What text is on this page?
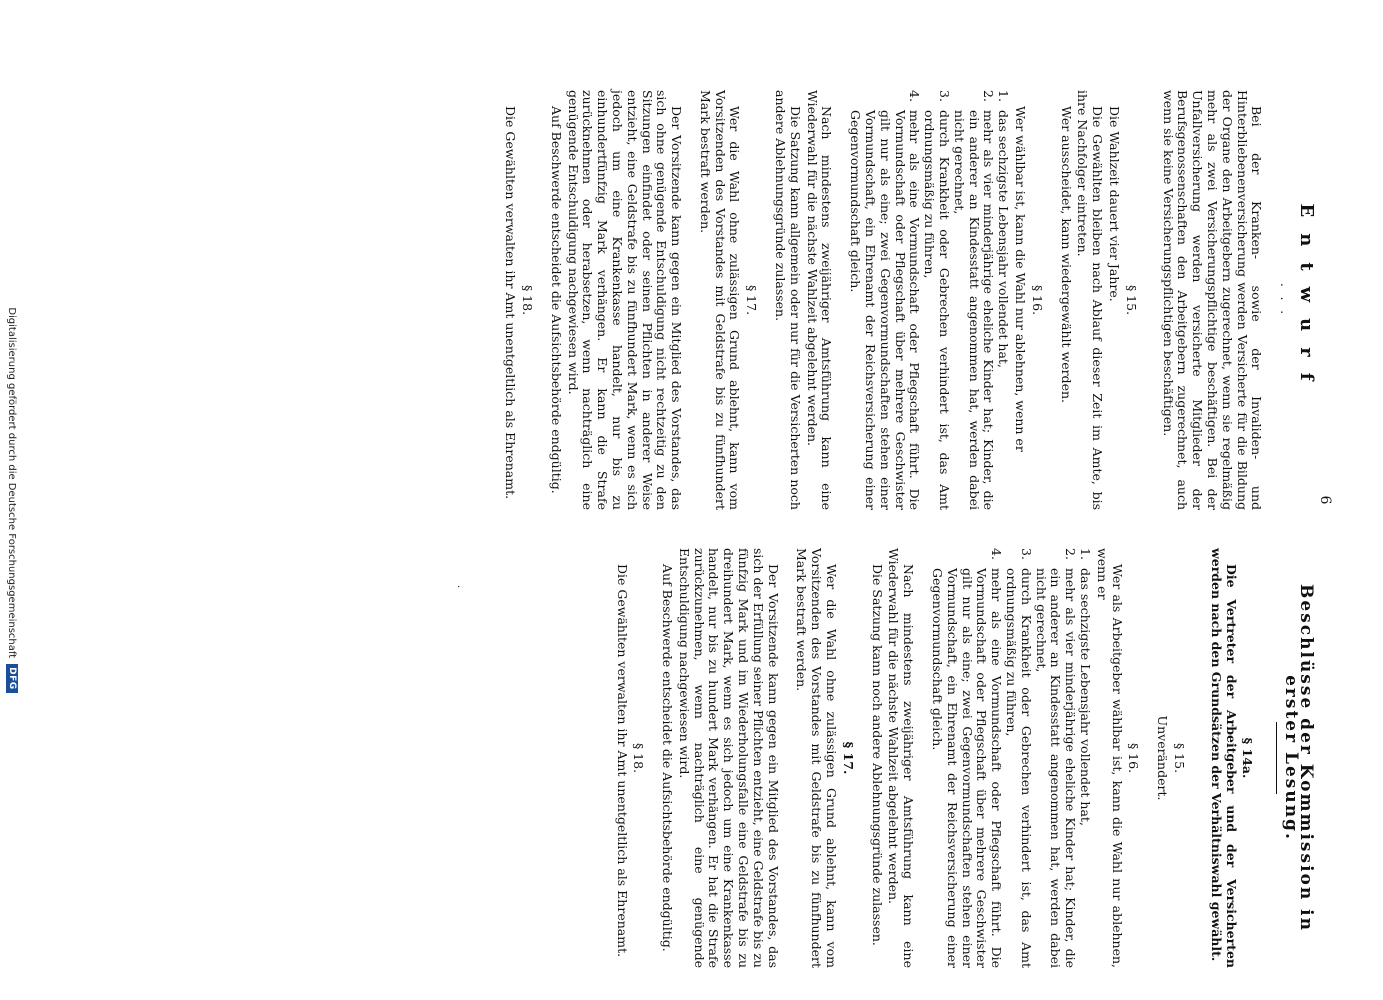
6
Entwurf
. . .

Bei der Kranken- sowie der Invaliden- und Hinterbliebenenversicherung werden Versicherte für die Bildung der Organe den Arbeitgebern zugerechnet, wenn sie regelmäßig mehr als zwei Versicherungspflichtige beschäftigen. Bei der Unfallversicherung werden versicherte Mitglieder der Berufsgenossenschaften den Arbeitgebern zugerechnet, auch wenn sie keine Versicherungspflichtigen beschäftigen.

§ 15.

Die Wahlzeit dauert vier Jahre.

Die Gewählten bleiben nach Ablauf dieser Zeit im Amte, bis ihre Nachfolger eintreten.

Wer ausscheidet, kann wiedergewählt werden.

§ 16.

Wer wählbar ist, kann die Wahl nur ablehnen, wenn er

1.
das sechzigste Lebensjahr vollendet hat,
2.
mehr als vier minderjährige eheliche Kinder hat; Kinder, die ein anderer an Kindesstatt angenommen hat, werden dabei nicht gerechnet,
3.
durch Krankheit oder Gebrechen verhindert ist, das Amt ordnungsmäßig zu führen,
4.
mehr als eine Vormundschaft oder Pflegschaft führt. Die Vormundschaft oder Pflegschaft über mehrere Geschwister gilt nur als eine; zwei Gegenvormundschaften stehen einer Vormundschaft, ein Ehrenamt der Reichsversicherung einer Gegenvormundschaft gleich.

Nach mindestens zweijähriger Amtsführung kann eine Wiederwahl für die nächste Wahlzeit abgelehnt werden.

Die Satzung kann allgemein oder nur für die Versicherten noch andere Ablehnungsgründe zulassen.

§ 17.

Wer die Wahl ohne zulässigen Grund ablehnt, kann vom Vorsitzenden des Vorstandes mit Geldstrafe bis zu fünfhundert Mark bestraft werden.

Der Vorsitzende kann gegen ein Mitglied des Vorstandes, das sich ohne genügende Entschuldigung nicht rechtzeitig zu den Sitzungen einfindet oder seinen Pflichten in anderer Weise entzieht, eine Geldstrafe bis zu fünfhundert Mark, wenn es sich jedoch um eine Krankenkasse handelt, nur bis zu einhundertfünfzig Mark verhängen. Er kann die Strafe zurücknehmen oder herabsetzen, wenn nachträglich eine genügende Entschuldigung nachgewiesen wird.

Auf Beschwerde entscheidet die Aufsichtsbehörde endgültig.

§ 18.

Die Gewählten verwalten ihr Amt unentgeltlich als Ehrenamt.

Beschlüsse der Kommission in erster Lesung.
§ 14a.

Die Vertreter der Arbeitgeber und der Versicherten werden nach den Grundsätzen der Verhältniswahl gewählt.

§ 15.
Unverändert.
§ 16.

Wer als Arbeitgeber wählbar ist, kann die Wahl nur ablehnen, wenn er

1.
das sechzigste Lebensjahr vollendet hat,
2.
mehr als vier minderjährige eheliche Kinder hat; Kinder, die ein anderer an Kindesstatt angenommen hat, werden dabei nicht gerechnet,
3.
durch Krankheit oder Gebrechen verhindert ist, das Amt ordnungsmäßig zu führen,
4.
mehr als eine Vormundschaft oder Pflegschaft führt. Die Vormundschaft oder Pflegschaft über mehrere Geschwister gilt nur als eine; zwei Gegenvormundschaften stehen einer Vormundschaft, ein Ehrenamt der Reichsversicherung einer Gegenvormundschaft gleich.

Nach mindestens zweijähriger Amtsführung kann eine Wiederwahl für die nächste Wahlzeit abgelehnt werden.

Die Satzung kann noch andere Ablehnungsgründe zulassen.

§ 17.

Wer die Wahl ohne zulässigen Grund ablehnt, kann vom Vorsitzenden des Vorstandes mit Geldstrafe bis zu fünfhundert Mark bestraft werden.

Der Vorsitzende kann gegen ein Mitglied des Vorstandes, das sich der Erfüllung seiner Pflichten entzieht, eine Geldstrafe bis zu fünfzig Mark und im Wiederholungsfalle eine Geldstrafe bis zu dreihundert Mark, wenn es sich jedoch um eine Krankenkasse handelt, nur bis zu hundert Mark verhängen. Er hat die Strafe zurückzunehmen, wenn nachträglich eine genügende Entschuldigung nachgewiesen wird.

Auf Beschwerde entscheidet die Aufsichtsbehörde endgültig.

§ 18.

Die Gewählten verwalten ihr Amt unentgeltlich als Ehrenamt.

·
Digitalisierung gefördert durch die Deutsche Forschungsgemeinschaft
DFG
